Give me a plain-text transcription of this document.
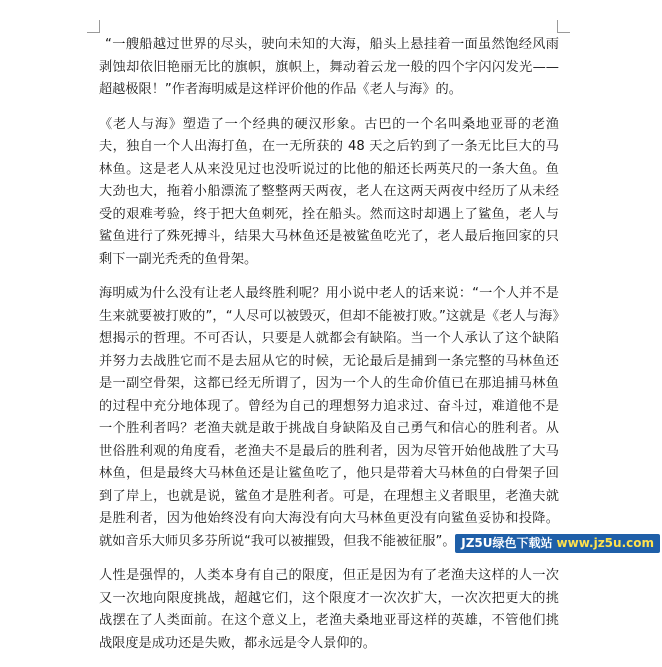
“一艘船越过世界的尽头，驶向未知的大海，船头上悬挂着一面虽然饱经风雨剥蚀却依旧艳丽无比的旗帜，旗帜上，舞动着云龙一般的四个字闪闪发光——超越极限！”作者海明威是这样评价他的作品《老人与海》的。

《老人与海》塑造了一个经典的硬汉形象。古巴的一个名叫桑地亚哥的老渔夫，独自一个人出海打鱼，在一无所获的 48 天之后钓到了一条无比巨大的马林鱼。这是老人从来没见过也没听说过的比他的船还长两英尺的一条大鱼。鱼大劲也大，拖着小船漂流了整整两天两夜，老人在这两天两夜中经历了从未经受的艰难考验，终于把大鱼刺死，拴在船头。然而这时却遇上了鲨鱼，老人与鲨鱼进行了殊死搏斗，结果大马林鱼还是被鲨鱼吃光了，老人最后拖回家的只剩下一副光秃秃的鱼骨架。

海明威为什么没有让老人最终胜利呢？用小说中老人的话来说：“一个人并不是生来就要被打败的”，“人尽可以被毁灭，但却不能被打败。”这就是《老人与海》想揭示的哲理。不可否认，只要是人就都会有缺陷。当一个人承认了这个缺陷并努力去战胜它而不是去屈从它的时候，无论最后是捕到一条完整的马林鱼还是一副空骨架，这都已经无所谓了，因为一个人的生命价值已在那追捕马林鱼的过程中充分地体现了。曾经为自己的理想努力追求过、奋斗过，难道他不是一个胜利者吗？老渔夫就是敢于挑战自身缺陷及自己勇气和信心的胜利者。从世俗胜利观的角度看，老渔夫不是最后的胜利者，因为尽管开始他战胜了大马林鱼，但是最终大马林鱼还是让鲨鱼吃了，他只是带着大马林鱼的白骨架子回到了岸上，也就是说，鲨鱼才是胜利者。可是，在理想主义者眼里，老渔夫就是胜利者，因为他始终没有向大海没有向大马林鱼更没有向鲨鱼妥协和投降。就如音乐大师贝多芬所说“我可以被摧毁，但我不能被征服”。

人性是强悍的，人类本身有自己的限度，但正是因为有了老渔夫这样的人一次又一次地向限度挑战，超越它们，这个限度才一次次扩大，一次次把更大的挑战摆在了人类面前。在这个意义上，老渔夫桑地亚哥这样的英雄，不管他们挑战限度是成功还是失败，都永远是令人景仰的。

JZ5U绿色下载站 www.jz5u.com
